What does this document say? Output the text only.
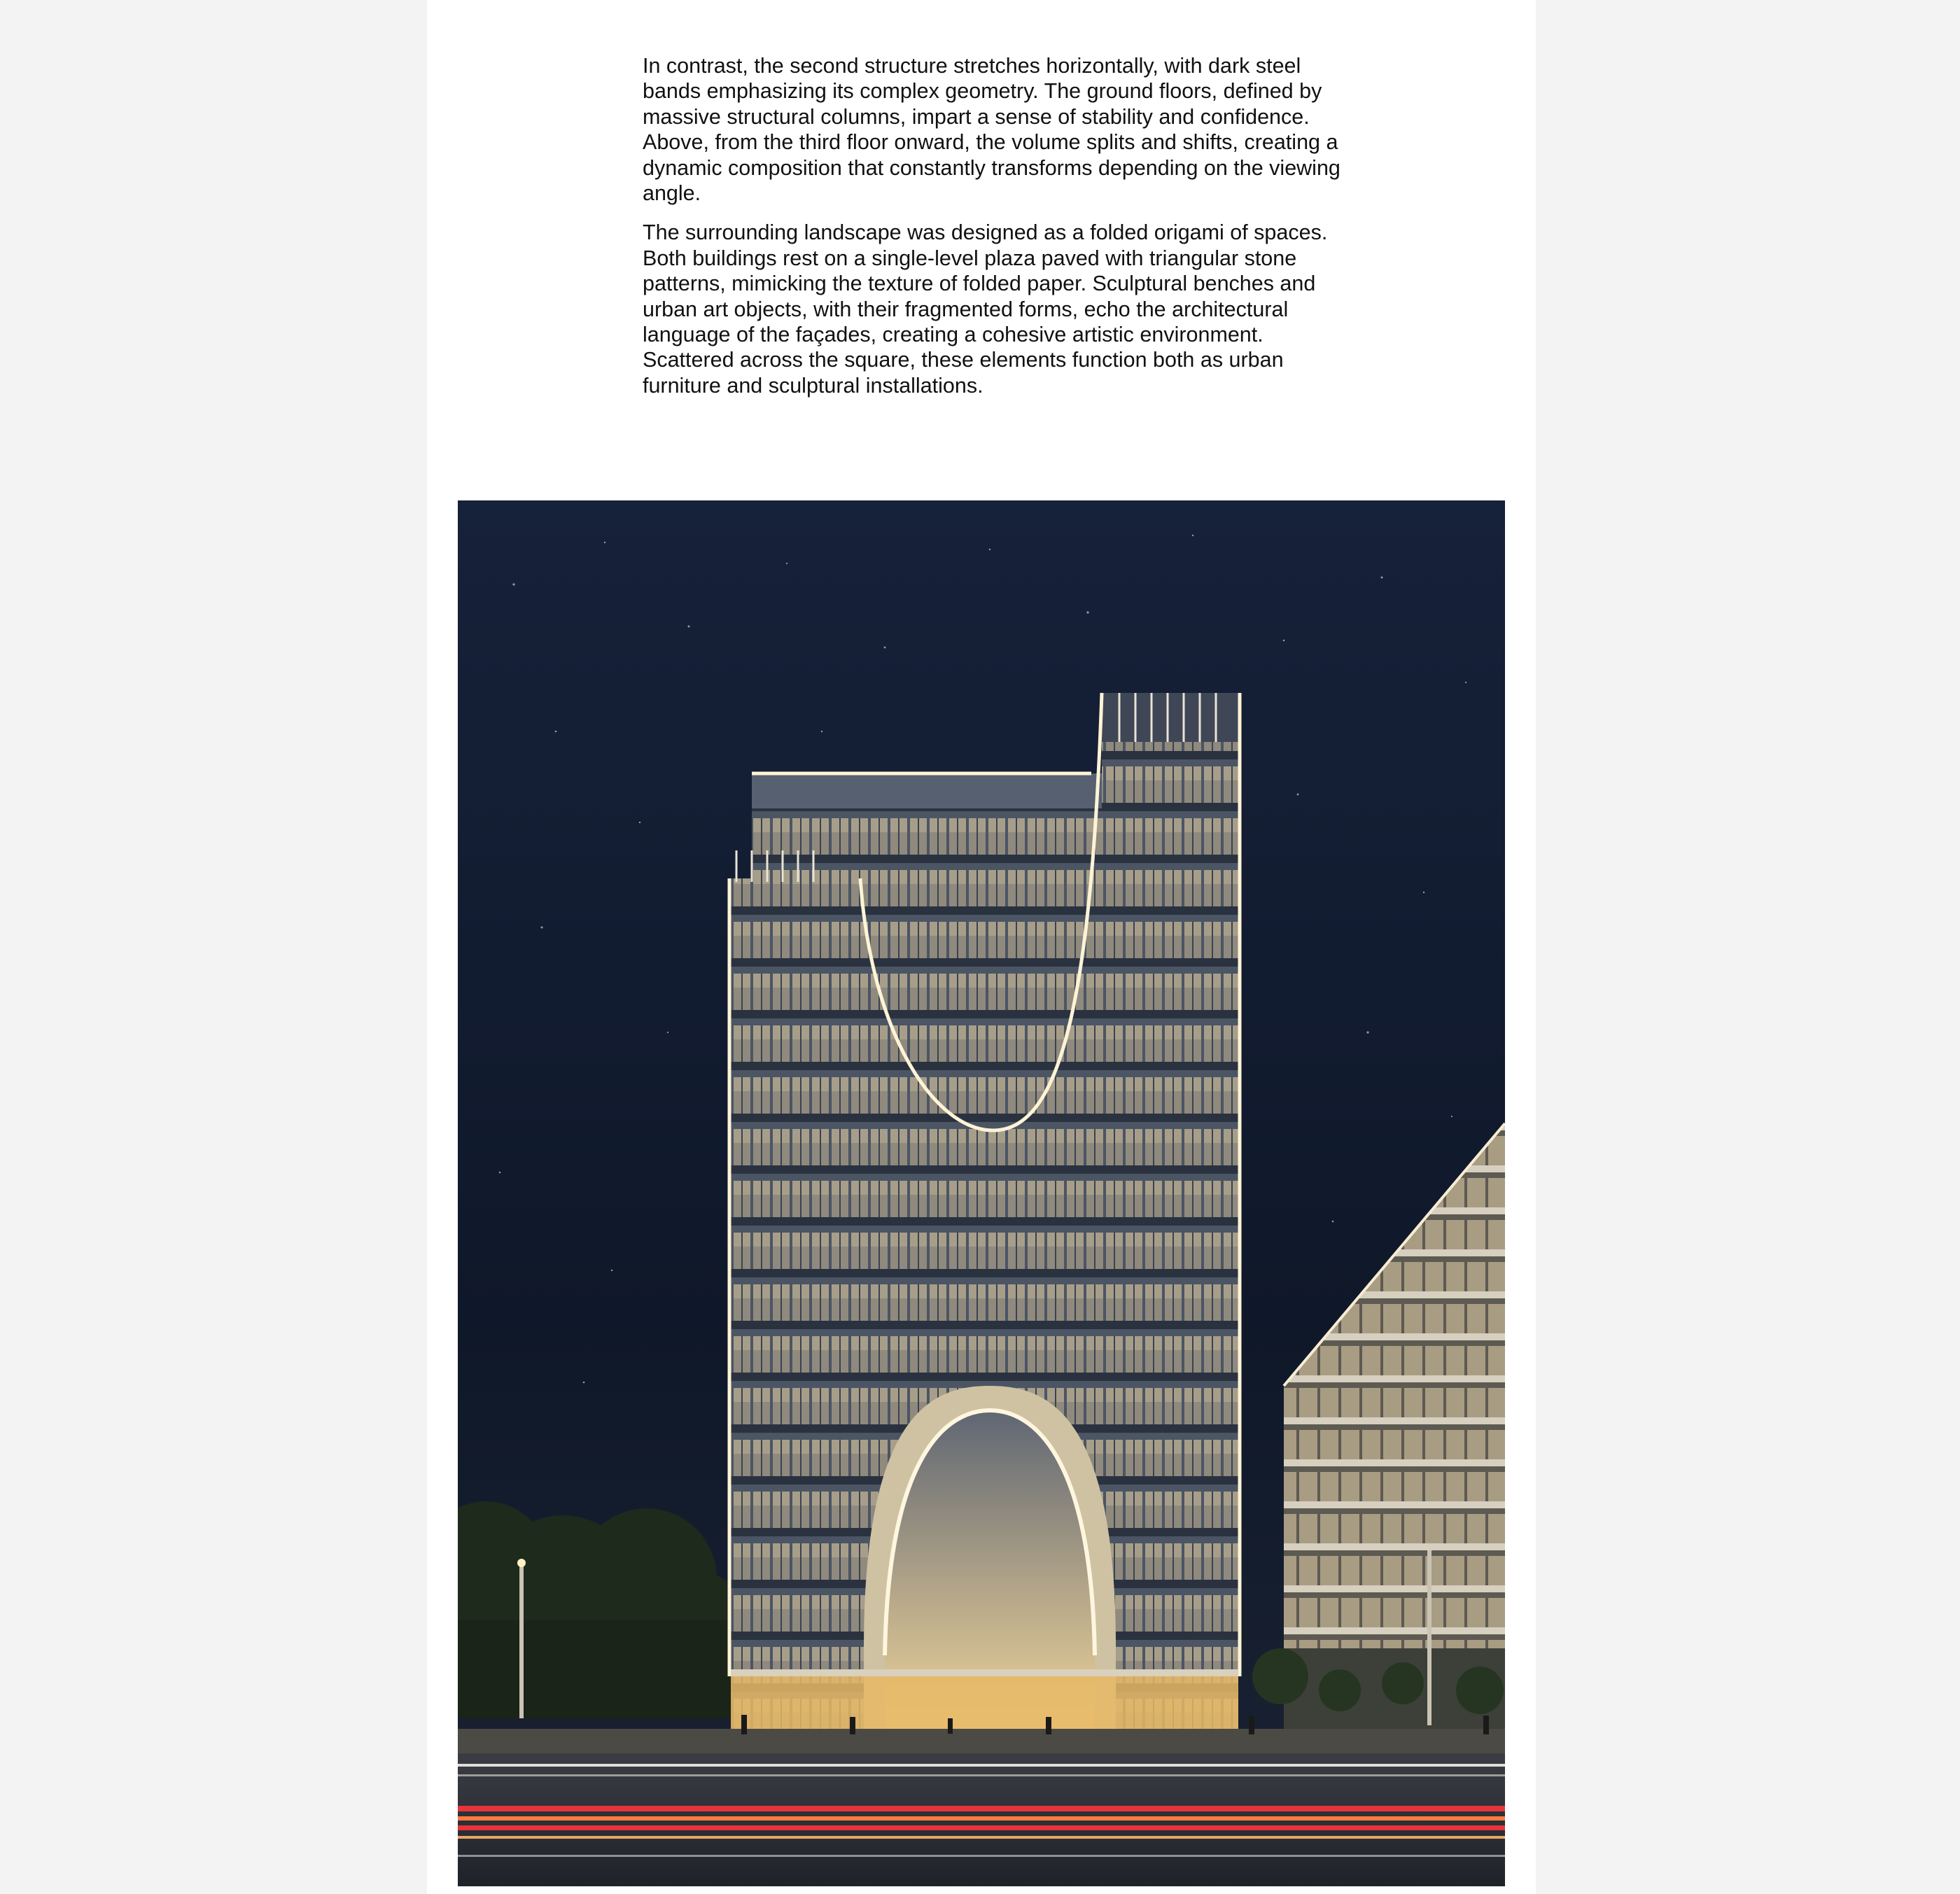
In contrast, the second structure stretches horizontally, with dark steel bands emphasizing its complex geometry. The ground floors, defined by massive structural columns, impart a sense of stability and confidence. Above, from the third floor onward, the volume splits and shifts, creating a dynamic composition that constantly transforms depending on the viewing angle.

The surrounding landscape was designed as a folded origami of spaces. Both buildings rest on a single-level plaza paved with triangular stone patterns, mimicking the texture of folded paper. Sculptural benches and urban art objects, with their fragmented forms, echo the architectural language of the façades, creating a cohesive artistic environment. Scattered across the square, these elements function both as urban furniture and sculptural installations.
